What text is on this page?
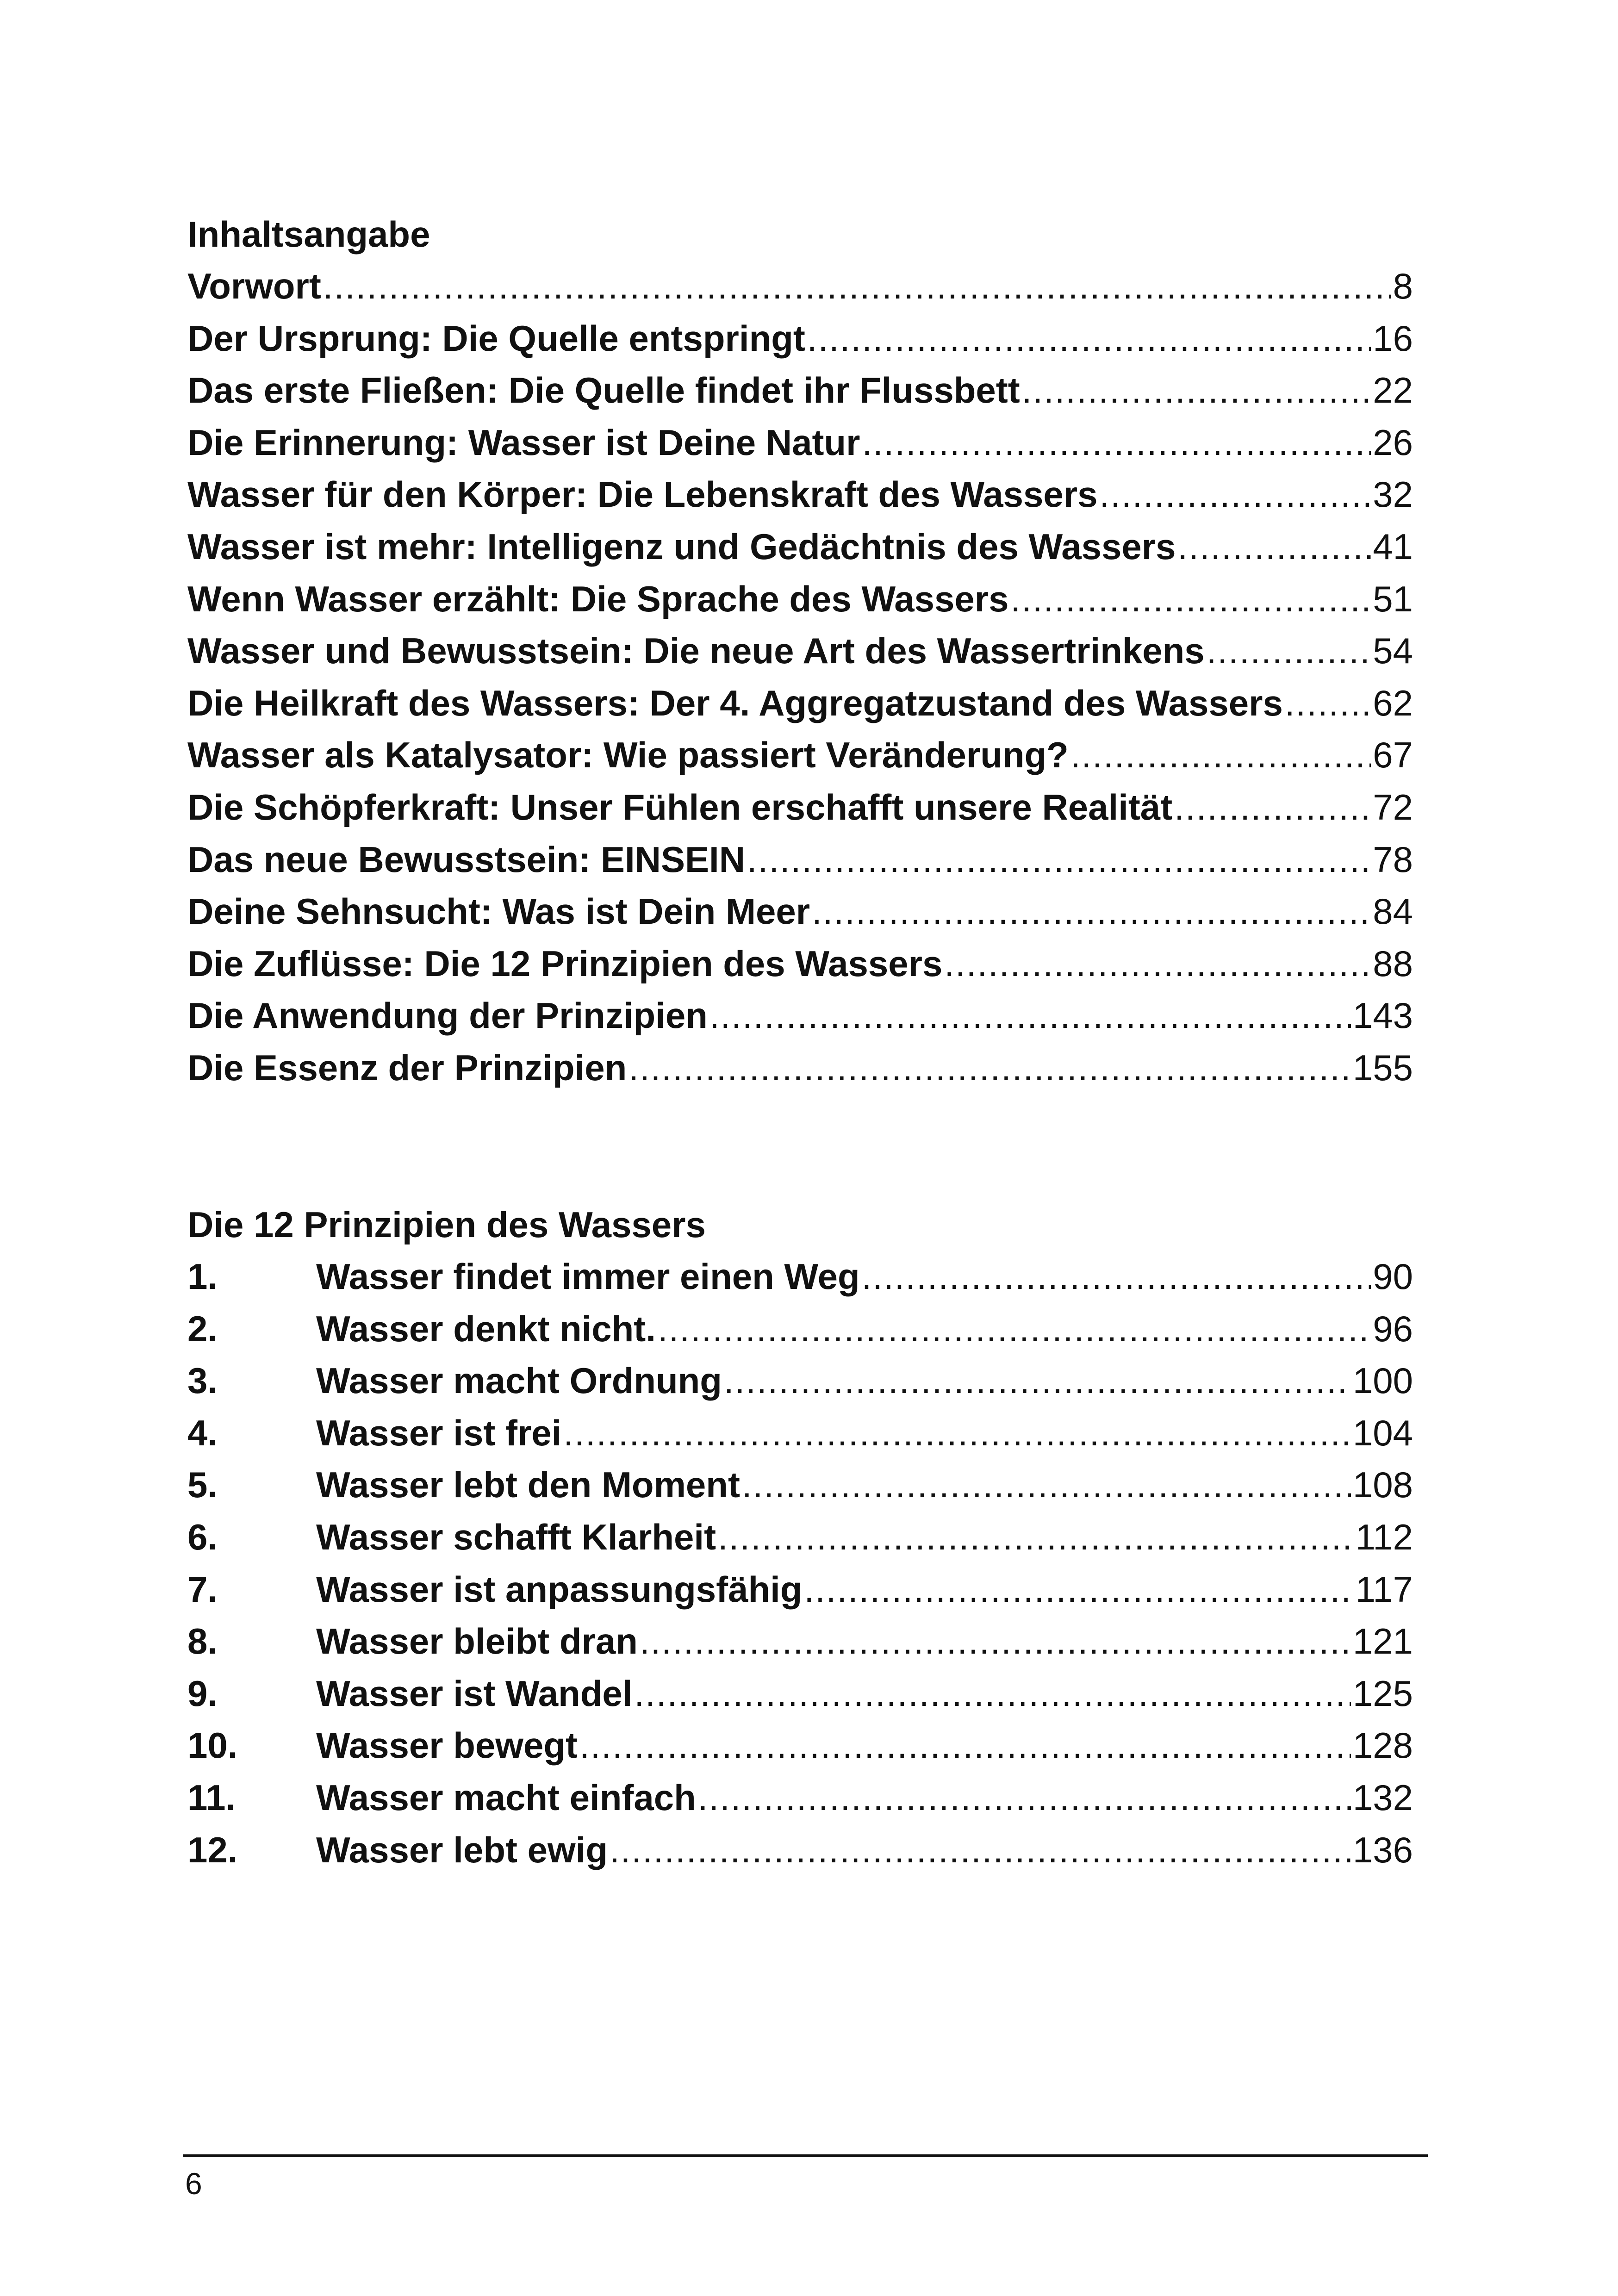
Inhaltsangabe
Vorwort .....	8
Der Ursprung: Die Quelle entspringt .....	16
Das erste Fließen: Die Quelle findet ihr Flussbett .....	22
Die Erinnerung: Wasser ist Deine Natur .....	26
Wasser für den Körper: Die Lebenskraft des Wassers .....	32
Wasser ist mehr: Intelligenz und Gedächtnis des Wassers .....	41
Wenn Wasser erzählt: Die Sprache des Wassers .....	51
Wasser und Bewusstsein: Die neue Art des Wassertrinkens .....	54
Die Heilkraft des Wassers: Der 4. Aggregatzustand des Wassers ..... 62
Wasser als Katalysator: Wie passiert Veränderung? .....	67
Die Schöpferkraft: Unser Fühlen erschafft unsere Realität .....	72
Das neue Bewusstsein: EINSEIN .....	78
Deine Sehnsucht: Was ist Dein Meer .....	84
Die Zuflüsse: Die 12 Prinzipien des Wassers .....	88
Die Anwendung der Prinzipien .....	143
Die Essenz der Prinzipien .....	155
Die 12 Prinzipien des Wassers
1.	Wasser findet immer einen Weg .....	90
2.	Wasser denkt nicht. .....	96
3.	Wasser macht Ordnung .....	100
4.	Wasser ist frei .....	104
5.	Wasser lebt den Moment .....	108
6.	Wasser schafft Klarheit .....	112
7.	Wasser ist anpassungsfähig .....	117
8.	Wasser bleibt dran .....	121
9.	Wasser ist Wandel .....	125
10.	Wasser bewegt .....	128
11.	Wasser macht einfach .....	132
12.	Wasser lebt ewig .....	136
6
